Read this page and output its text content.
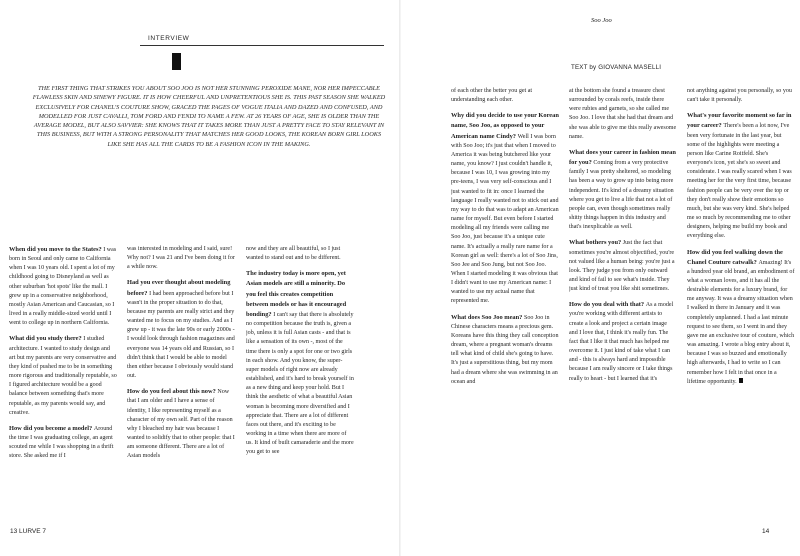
INTERVIEW
THE FIRST THING THAT STRIKES YOU ABOUT SOO JOO IS NOT HER STUNNING PEROXIDE MANE, NOR HER IMPECCABLE FLAWLESS SKIN AND SINEWY FIGURE. IT IS HOW CHEERFUL AND UNPRETENTIOUS SHE IS. THIS PAST SEASON SHE WALKED EXCLUSIVELY FOR CHANEL'S COUTURE SHOW, GRACED THE PAGES OF VOGUE ITALIA AND DAZED AND CONFUSED, AND MODELLED FOR JUST CAVALLI, TOM FORD AND FENDI TO NAME A FEW. AT 26 YEARS OF AGE, SHE IS OLDER THAN THE AVERAGE MODEL, BUT ALSO SAVVIER: SHE KNOWS THAT IT TAKES MORE THAN JUST A PRETTY FACE TO STAY RELEVANT IN THIS BUSINESS, BUT WITH A STRONG PERSONALITY THAT MATCHES HER GOOD LOOKS, THE KOREAN BORN GIRL LOOKS LIKE SHE HAS ALL THE CARDS TO BE A FASHION ICON IN THE MAKING.

When did you move to the States? I was born in Seoul and only came to California when I was 10 years old. I spent a lot of my childhood going to Disneyland as well as other suburban 'hot spots' like the mall. I grew up in a conservative neighborhood, mostly Asian American and Caucasian, so I lived in a really middle-sized world until I went to college up in northern California.

What did you study there? I studied architecture. I wanted to study design and art but my parents are very conservative and they kind of pushed me to be in something more rigorous and traditionally reputable, so I figured architecture would be a good balance between something that's more reputable, as my parents would say, and creative.

How did you become a model? Around the time I was graduating college, an agent scouted me while I was shopping in a thrift store. She asked me if I

was interested in modeling and I said, sure! Why not? I was 21 and I've been doing it for a while now.

Had you ever thought about modeling before? I had been approached before but I wasn't in the proper situation to do that, because my parents are really strict and they wanted me to focus on my studies. And as I grew up - it was the late 90s or early 2000s - I would look through fashion magazines and everyone was 14 years old and Russian, so I didn't think that I would be able to model then either because I obviously would stand out.

How do you feel about this now? Now that I am older and I have a sense of identity, I like representing myself as a character of my own self. Part of the reason why I bleached my hair was because I wanted to solidify that to other people: that I am someone different. There are a lot of Asian models

now and they are all beautiful, so I just wanted to stand out and to be different.

The industry today is more open, yet Asian models are still a minority. Do you feel this creates competition between models or has it encouraged bonding? I can't say that there is absolutely no competition because the truth is, given a job, unless it is full Asian casts - and that is like a sensation of its own -, most of the time there is only a spot for one or two girls in each show. And you know, the super-super models of right now are already established, and it's hard to break yourself in as a new thing and keep your hold. But I think the aesthetic of what a beautiful Asian woman is becoming more diversified and I appreciate that. There are a lot of different faces out there, and it's exciting to be working in a time when there are more of us. It kind of built camaraderie and the more you get to see

Soo Joo
TEXT by GIOVANNA MASELLI

of each other the better you get at understanding each other.

Why did you decide to use your Korean name, Soo Joo, as opposed to your American name Cindy? Well I was born with Soo Joo; it's just that when I moved to America it was being butchered like your name, you know? I just couldn't handle it, because I was 10, I was growing into my pre-teens, I was very self-conscious and I just wanted to fit in: once I learned the language I really wanted not to stick out and my way to do that was to adapt an American name for myself. But even before I started modeling all my friends were calling me Soo Joo, just because it's a unique cute name. It's actually a really rare name for a Korean girl as well: there's a lot of Soo Jins, Soo Jee and Soo Jung, but not Soo Joo. When I started modeling it was obvious that I didn't want to use my American name: I wanted to use my actual name that represented me.

What does Soo Joo mean? Soo Joo in Chinese characters means a precious gem. Koreans have this thing they call conception dream, where a pregnant woman's dreams tell what kind of child she's going to have. It's just a superstitious thing, but my mom had a dream where she was swimming in an ocean and

at the bottom she found a treasure chest surrounded by corals reefs, inside there were rubies and garnets, so she called me Soo Joo. I love that she had that dream and she was able to give me this really awesome name.

What does your career in fashion mean for you? Coming from a very protective family I was pretty sheltered, so modeling has been a way to grow up into being more independent. It's kind of a dreamy situation where you get to live a life that not a lot of people can, even though sometimes really shitty things happen in this industry and that's inexplicable as well.

What bothers you? Just the fact that sometimes you're almost objectified, you're not valued like a human being: you're just a look. They judge you from only outward and kind of fail to see what's inside. They just kind of treat you like shit sometimes.

How do you deal with that? As a model you're working with different artists to create a look and project a certain image and I love that, I think it's really fun. The fact that I like it that much has helped me overcome it. I just kind of take what I can and - this is always hard and impossible because I am really sincere or I take things really to heart - but I learned that it's

not anything against you personally, so you can't take it personally.

What's your favorite moment so far in your career? There's been a lot now, I've been very fortunate in the last year, but some of the highlights were meeting a person like Carine Roitfeld. She's everyone's icon, yet she's so sweet and considerate. I was really scared when I was meeting her for the very first time, because fashion people can be very over the top or they don't really show their emotions so much, but she was very kind. She's helped me so much by recommending me to other designers, helping me build my book and everything else.

How did you feel walking down the Chanel Couture catwalk? Amazing! It's a hundred year old brand, an embodiment of what a woman loves, and it has all the desirable elements for a luxury brand, for me anyway. It was a dreamy situation when I walked in there in January and it was completely unplanned. I had a last minute request to see them, so I went in and they gave me an exclusive tour of couture, which was amazing. I wrote a blog entry about it, because I was so buzzed and emotionally high afterwards, I had to write so I can remember how I felt in that once in a lifetime opportunity.

13 LURVE 7	14
